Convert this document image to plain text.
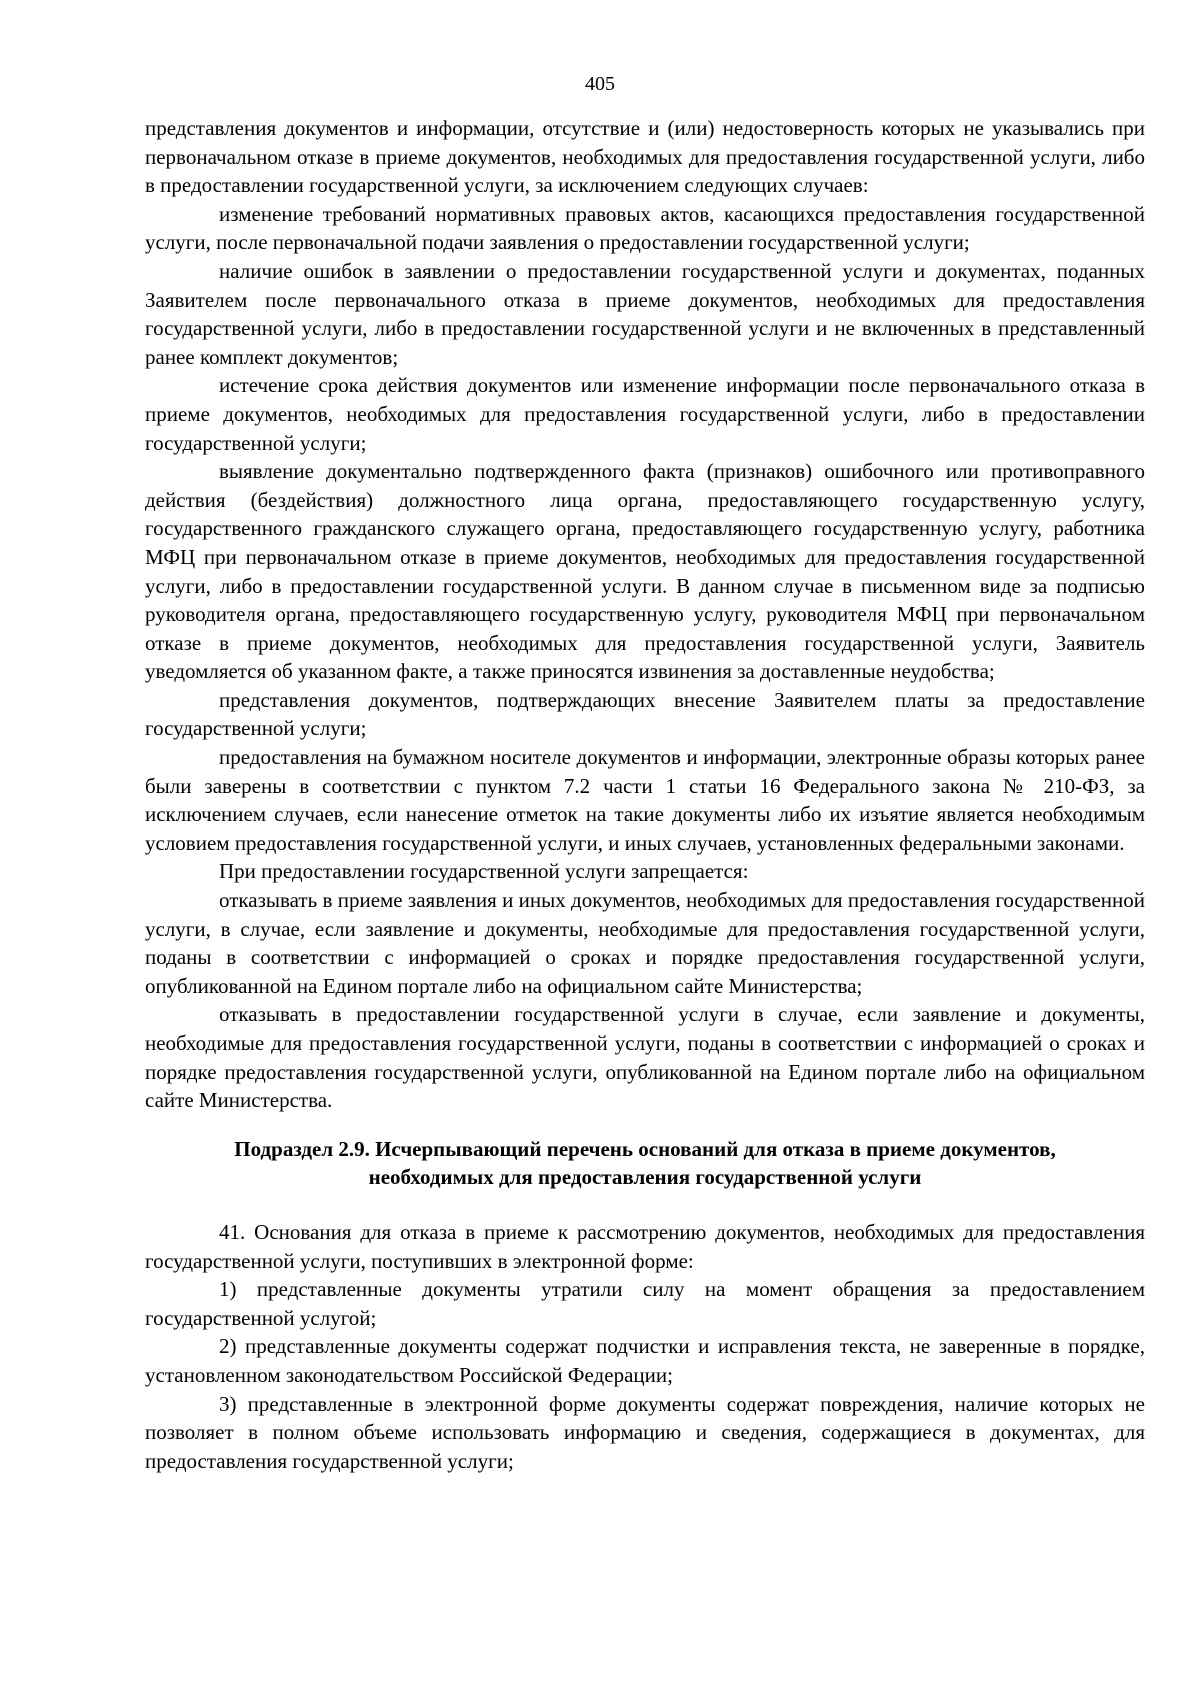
405

представления документов и информации, отсутствие и (или) недостоверность которых не указывались при первоначальном отказе в приеме документов, необходимых для предоставления государственной услуги, либо в предоставлении государственной услуги, за исключением следующих случаев:

изменение требований нормативных правовых актов, касающихся предоставления государственной услуги, после первоначальной подачи заявления о предоставлении государственной услуги;

наличие ошибок в заявлении о предоставлении государственной услуги и документах, поданных Заявителем после первоначального отказа в приеме документов, необходимых для предоставления государственной услуги, либо в предоставлении государственной услуги и не включенных в представленный ранее комплект документов;

истечение срока действия документов или изменение информации после первоначального отказа в приеме документов, необходимых для предоставления государственной услуги, либо в предоставлении государственной услуги;

выявление документально подтвержденного факта (признаков) ошибочного или противоправного действия (бездействия) должностного лица органа, предоставляющего государственную услугу, государственного гражданского служащего органа, предоставляющего государственную услугу, работника МФЦ при первоначальном отказе в приеме документов, необходимых для предоставления государственной услуги, либо в предоставлении государственной услуги. В данном случае в письменном виде за подписью руководителя органа, предоставляющего государственную услугу, руководителя МФЦ при первоначальном отказе в приеме документов, необходимых для предоставления государственной услуги, Заявитель уведомляется об указанном факте, а также приносятся извинения за доставленные неудобства;

представления документов, подтверждающих внесение Заявителем платы за предоставление государственной услуги;

предоставления на бумажном носителе документов и информации, электронные образы которых ранее были заверены в соответствии с пунктом 7.2 части 1 статьи 16 Федерального закона № 210-ФЗ, за исключением случаев, если нанесение отметок на такие документы либо их изъятие является необходимым условием предоставления государственной услуги, и иных случаев, установленных федеральными законами.

При предоставлении государственной услуги запрещается:

отказывать в приеме заявления и иных документов, необходимых для предоставления государственной услуги, в случае, если заявление и документы, необходимые для предоставления государственной услуги, поданы в соответствии с информацией о сроках и порядке предоставления государственной услуги, опубликованной на Едином портале либо на официальном сайте Министерства;

отказывать в предоставлении государственной услуги в случае, если заявление и документы, необходимые для предоставления государственной услуги, поданы в соответствии с информацией о сроках и порядке предоставления государственной услуги, опубликованной на Едином портале либо на официальном сайте Министерства.

Подраздел 2.9. Исчерпывающий перечень оснований для отказа в приеме документов,
необходимых для предоставления государственной услуги

41. Основания для отказа в приеме к рассмотрению документов, необходимых для предоставления государственной услуги, поступивших в электронной форме:

1) представленные документы утратили силу на момент обращения за предоставлением государственной услугой;

2) представленные документы содержат подчистки и исправления текста, не заверенные в порядке, установленном законодательством Российской Федерации;

3) представленные в электронной форме документы содержат повреждения, наличие которых не позволяет в полном объеме использовать информацию и сведения, содержащиеся в документах, для предоставления государственной услуги;
